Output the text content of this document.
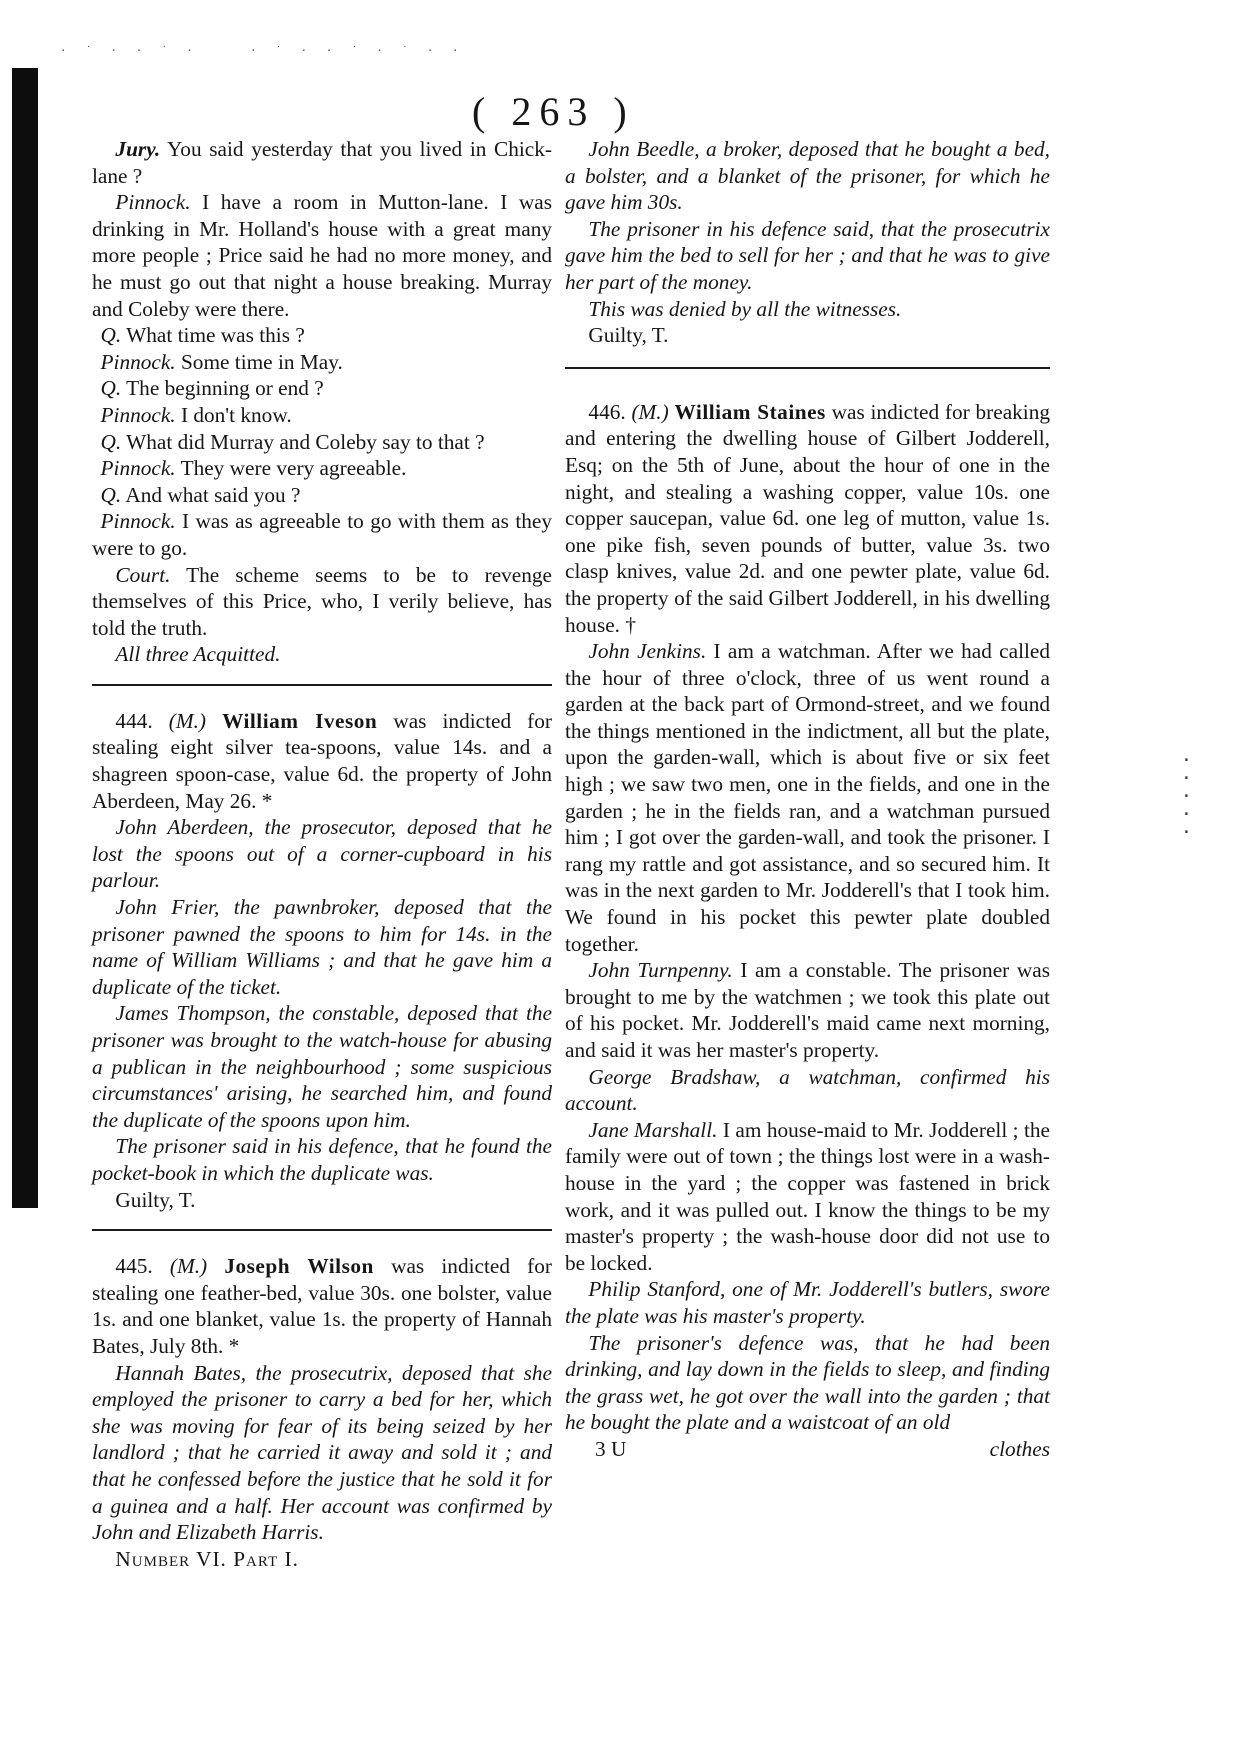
· ˙ · · ˙ ·	· ˙ · · ˙ · ˙ · ·
·
·
·
·
·
( 263 )

Jury. You said yesterday that you lived in Chick-lane ?

Pinnock. I have a room in Mutton-lane. I was drinking in Mr. Holland's house with a great many more people ; Price said he had no more money, and he must go out that night a house breaking. Murray and Coleby were there.

Q. What time was this ?

Pinnock. Some time in May.

Q. The beginning or end ?

Pinnock. I don't know.

Q. What did Murray and Coleby say to that ?

Pinnock. They were very agreeable.

Q. And what said you ?

Pinnock. I was as agreeable to go with them as they were to go.

Court. The scheme seems to be to revenge themselves of this Price, who, I verily believe, has told the truth.

All three Acquitted.

444. (M.) William Iveson was indicted for stealing eight silver tea-spoons, value 14s. and a shagreen spoon-case, value 6d. the property of John Aberdeen, May 26. *

John Aberdeen, the prosecutor, deposed that he lost the spoons out of a corner-cupboard in his parlour.

John Frier, the pawnbroker, deposed that the prisoner pawned the spoons to him for 14s. in the name of William Williams ; and that he gave him a duplicate of the ticket.

James Thompson, the constable, deposed that the prisoner was brought to the watch-house for abusing a publican in the neighbourhood ; some suspicious circumstances' arising, he searched him, and found the duplicate of the spoons upon him.

The prisoner said in his defence, that he found the pocket-book in which the duplicate was.

Guilty, T.

445. (M.) Joseph Wilson was indicted for stealing one feather-bed, value 30s. one bolster, value 1s. and one blanket, value 1s. the property of Hannah Bates, July 8th. *

Hannah Bates, the prosecutrix, deposed that she employed the prisoner to carry a bed for her, which she was moving for fear of its being seized by her landlord ; that he carried it away and sold it ; and that he confessed before the justice that he sold it for a guinea and a half. Her account was confirmed by John and Elizabeth Harris.

Number VI. Part I.

John Beedle, a broker, deposed that he bought a bed, a bolster, and a blanket of the prisoner, for which he gave him 30s.

The prisoner in his defence said, that the prosecutrix gave him the bed to sell for her ; and that he was to give her part of the money.

This was denied by all the witnesses.

Guilty, T.

446. (M.) William Staines was indicted for breaking and entering the dwelling house of Gilbert Jodderell, Esq; on the 5th of June, about the hour of one in the night, and stealing a washing copper, value 10s. one copper saucepan, value 6d. one leg of mutton, value 1s. one pike fish, seven pounds of butter, value 3s. two clasp knives, value 2d. and one pewter plate, value 6d. the property of the said Gilbert Jodderell, in his dwelling house. †

John Jenkins. I am a watchman. After we had called the hour of three o'clock, three of us went round a garden at the back part of Ormond-street, and we found the things mentioned in the indictment, all but the plate, upon the garden-wall, which is about five or six feet high ; we saw two men, one in the fields, and one in the garden ; he in the fields ran, and a watchman pursued him ; I got over the garden-wall, and took the prisoner. I rang my rattle and got assistance, and so secured him. It was in the next garden to Mr. Jodderell's that I took him. We found in his pocket this pewter plate doubled together.

John Turnpenny. I am a constable. The prisoner was brought to me by the watchmen ; we took this plate out of his pocket. Mr. Jodderell's maid came next morning, and said it was her master's property.

George Bradshaw, a watchman, confirmed his account.

Jane Marshall. I am house-maid to Mr. Jodderell ; the family were out of town ; the things lost were in a wash-house in the yard ; the copper was fastened in brick work, and it was pulled out. I know the things to be my master's property ; the wash-house door did not use to be locked.

Philip Stanford, one of Mr. Jodderell's butlers, swore the plate was his master's property.

The prisoner's defence was, that he had been drinking, and lay down in the fields to sleep, and finding the grass wet, he got over the wall into the garden ; that he bought the plate and a waistcoat of an old

3 U	clothes
